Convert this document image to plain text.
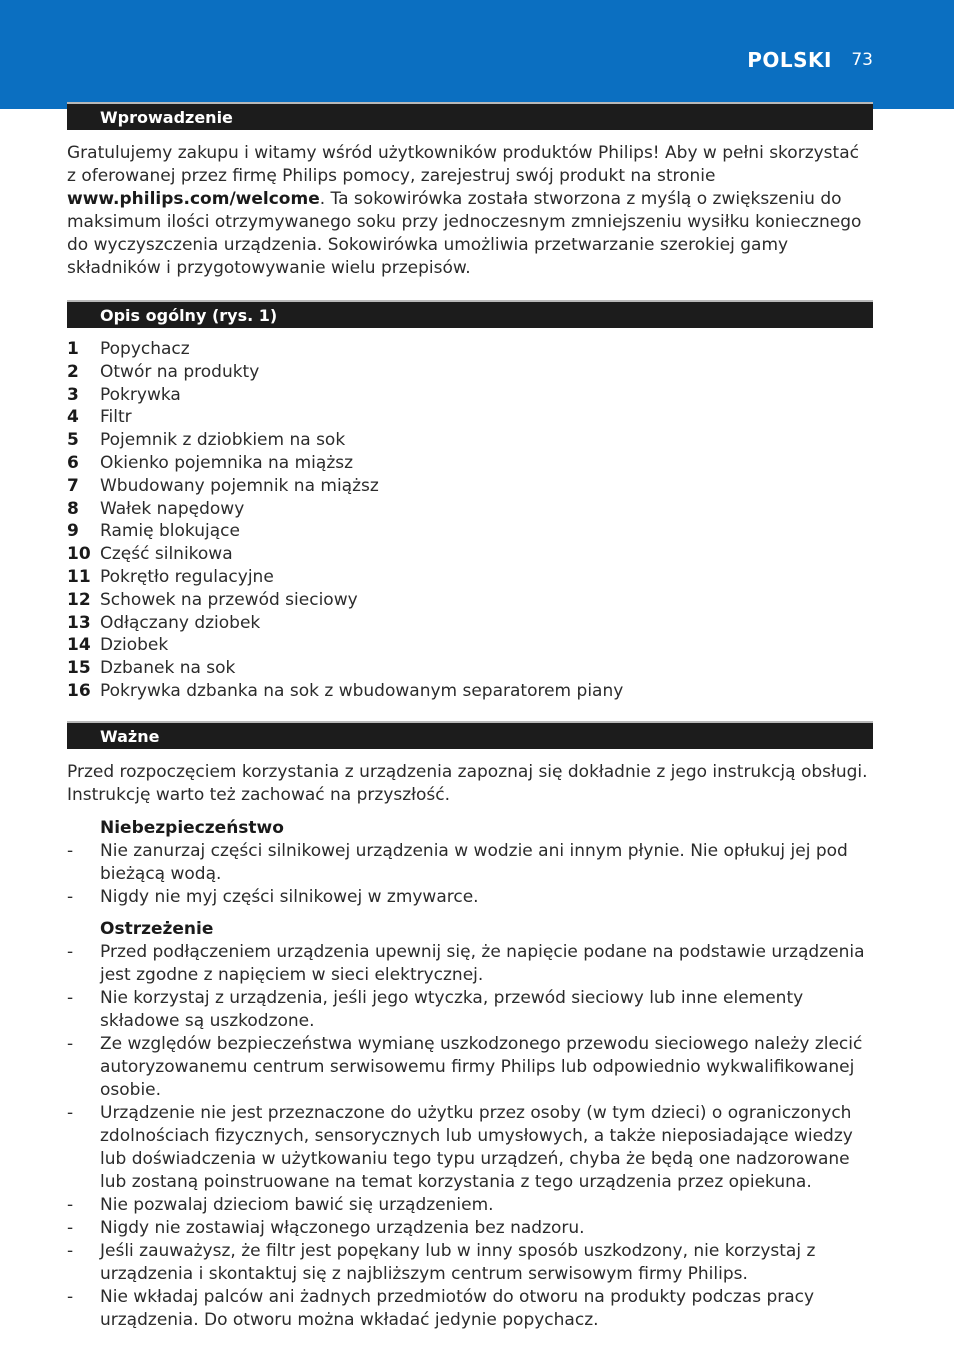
POLSKI 73
Wprowadzenie

Gratulujemy zakupu i witamy wśród użytkowników produktów Philips! Aby w pełni skorzystać z oferowanej przez firmę Philips pomocy, zarejestruj swój produkt na stronie www.philips.com/welcome. Ta sokowirówka została stworzona z myślą o zwiększeniu do maksimum ilości otrzymywanego soku przy jednoczesnym zmniejszeniu wysiłku koniecznego do wyczyszczenia urządzenia. Sokowirówka umożliwia przetwarzanie szerokiej gamy składników i przygotowywanie wielu przepisów.

Opis ogólny (rys. 1)
1	Popychacz
2	Otwór na produkty
3	Pokrywka
4	Filtr
5	Pojemnik z dziobkiem na sok
6	Okienko pojemnika na miąższ
7	Wbudowany pojemnik na miąższ
8	Wałek napędowy
9	Ramię blokujące
10 Część silnikowa
11 Pokrętło regulacyjne
12 Schowek na przewód sieciowy
13 Odłączany dziobek
14 Dziobek
15 Dzbanek na sok
16 Pokrywka dzbanka na sok z wbudowanym separatorem piany
Ważne

Przed rozpoczęciem korzystania z urządzenia zapoznaj się dokładnie z jego instrukcją obsługi. Instrukcję warto też zachować na przyszłość.

Niebezpieczeństwo

-	Nie zanurzaj części silnikowej urządzenia w wodzie ani innym płynie. Nie opłukuj jej pod bieżącą wodą.
-	Nigdy nie myj części silnikowej w zmywarce.

Ostrzeżenie

-	Przed podłączeniem urządzenia upewnij się, że napięcie podane na podstawie urządzenia jest zgodne z napięciem w sieci elektrycznej.
-	Nie korzystaj z urządzenia, jeśli jego wtyczka, przewód sieciowy lub inne elementy składowe są uszkodzone.
-	Ze względów bezpieczeństwa wymianę uszkodzonego przewodu sieciowego należy zlecić autoryzowanemu centrum serwisowemu firmy Philips lub odpowiednio wykwalifikowanej osobie.
-	Urządzenie nie jest przeznaczone do użytku przez osoby (w tym dzieci) o ograniczonych zdolnościach fizycznych, sensorycznych lub umysłowych, a także nieposiadające wiedzy lub doświadczenia w użytkowaniu tego typu urządzeń, chyba że będą one nadzorowane lub zostaną poinstruowane na temat korzystania z tego urządzenia przez opiekuna.
-	Nie pozwalaj dzieciom bawić się urządzeniem.
-	Nigdy nie zostawiaj włączonego urządzenia bez nadzoru.
-	Jeśli zauważysz, że filtr jest popękany lub w inny sposób uszkodzony, nie korzystaj z urządzenia i skontaktuj się z najbliższym centrum serwisowym firmy Philips.
-	Nie wkładaj palców ani żadnych przedmiotów do otworu na produkty podczas pracy urządzenia. Do otworu można wkładać jedynie popychacz.
